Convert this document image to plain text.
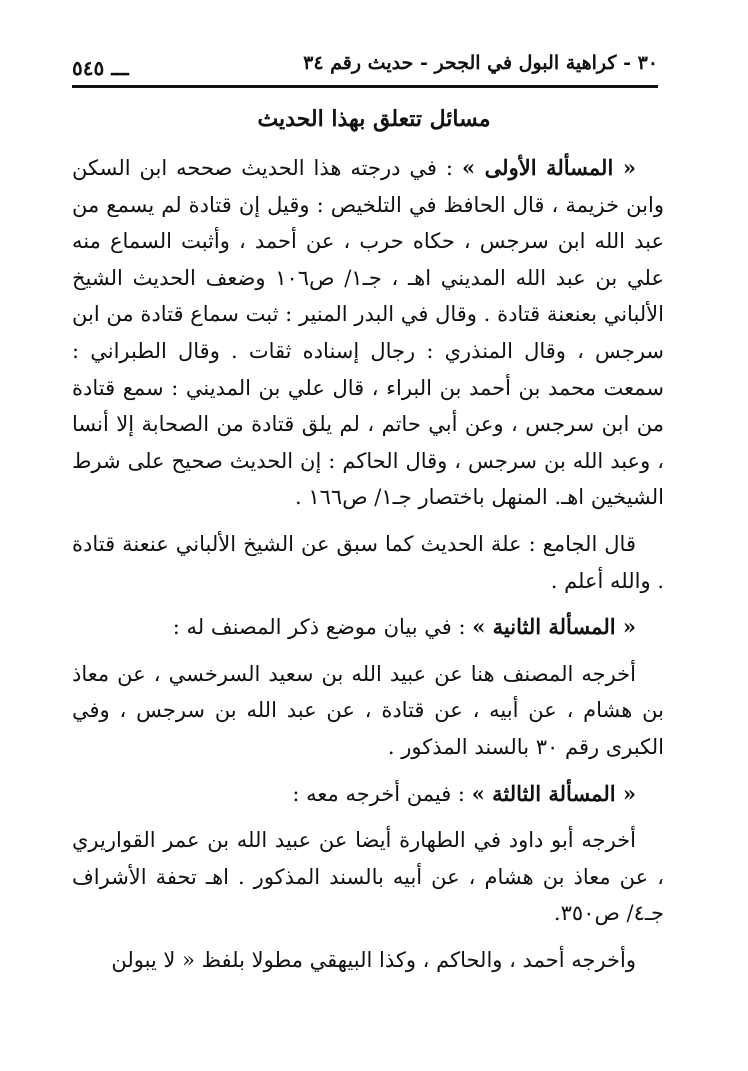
٣٠ - كراهية البول في الجحر - حديث رقم ٣٤
ـــ ٥٤٥
مسائل تتعلق بهذا الحديث

« المسألة الأولى » : في درجته هذا الحديث صححه ابن السكن وابن خزيمة ، قال الحافظ في التلخيص : وقيل إن قتادة لم يسمع من عبد الله ابن سرجس ، حكاه حرب ، عن أحمد ، وأثبت السماع منه علي بن عبد الله المديني اهـ ، جـ١/ ص١٠٦ وضعف الحديث الشيخ الألباني بعنعنة قتادة . وقال في البدر المنير : ثبت سماع قتادة من ابن سرجس ، وقال المنذري : رجال إسناده ثقات . وقال الطبراني : سمعت محمد بن أحمد بن البراء ، قال علي بن المديني : سمع قتادة من ابن سرجس ، وعن أبي حاتم ، لم يلق قتادة من الصحابة إلا أنسا ، وعبد الله بن سرجس ، وقال الحاكم : إن الحديث صحيح على شرط الشيخين اهـ. المنهل باختصار جـ١/ ص١٦٦ .

قال الجامع : علة الحديث كما سبق عن الشيخ الألباني عنعنة قتادة . والله أعلم .

« المسألة الثانية » : في بيان موضع ذكر المصنف له :

أخرجه المصنف هنا عن عبيد الله بن سعيد السرخسي ، عن معاذ بن هشام ، عن أبيه ، عن قتادة ، عن عبد الله بن سرجس ، وفي الكبرى رقم ٣٠ بالسند المذكور .

« المسألة الثالثة » : فيمن أخرجه معه :

أخرجه أبو داود في الطهارة أيضا عن عبيد الله بن عمر القواريري ، عن معاذ بن هشام ، عن أبيه بالسند المذكور . اهـ تحفة الأشراف جـ٤/ ص٣٥٠.

وأخرجه أحمد ، والحاكم ، وكذا البيهقي مطولا بلفظ « لا يبولن
